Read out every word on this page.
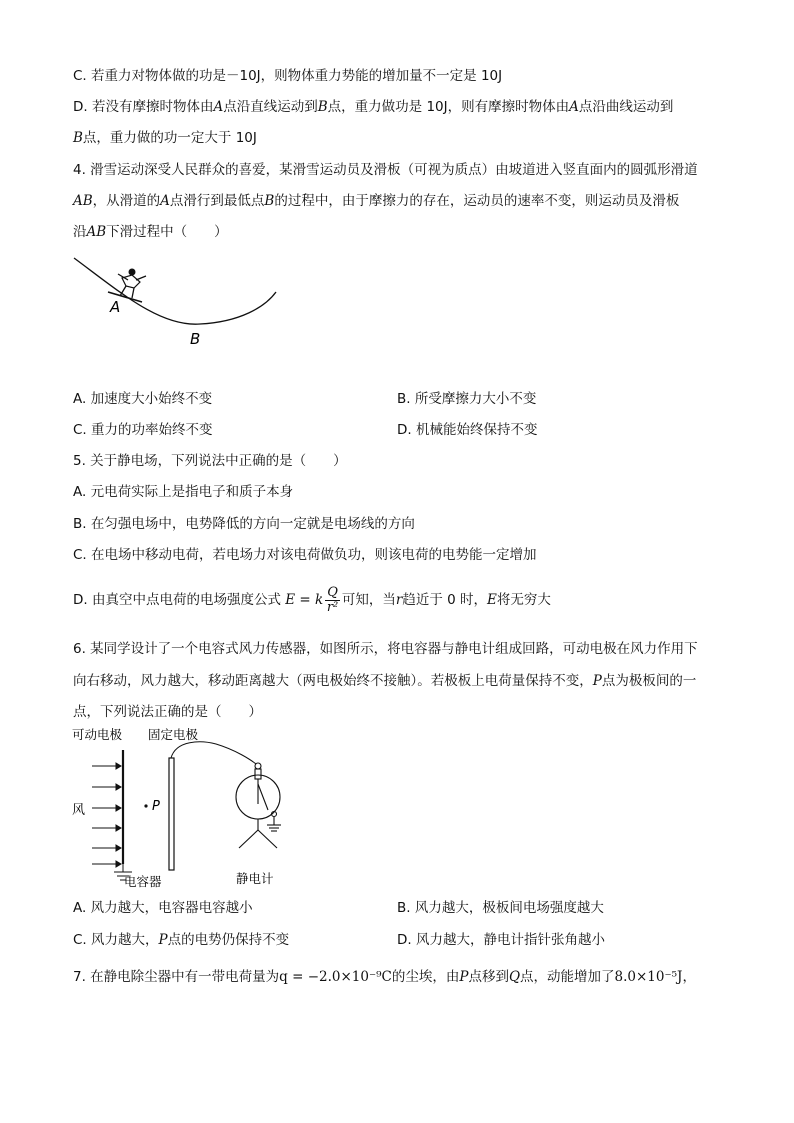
C. 若重力对物体做的功是－10J，则物体重力势能的增加量不一定是 10J
D. 若没有摩擦时物体由A点沿直线运动到B点，重力做功是 10J，则有摩擦时物体由A点沿曲线运动到
B点，重力做的功一定大于 10J
4. 滑雪运动深受人民群众的喜爱，某滑雪运动员及滑板（可视为质点）由坡道进入竖直面内的圆弧形滑道
AB，从滑道的A点滑行到最低点B的过程中，由于摩擦力的存在，运动员的速率不变，则运动员及滑板
沿AB下滑过程中（　　）
A
B
A. 加速度大小始终不变	B. 所受摩擦力大小不变
C. 重力的功率始终不变	D. 机械能始终保持不变
5. 关于静电场，下列说法中正确的是（　　）
A. 元电荷实际上是指电子和质子本身
B. 在匀强电场中，电势降低的方向一定就是电场线的方向
C. 在电场中移动电荷，若电场力对该电荷做负功，则该电荷的电势能一定增加
D. 由真空中点电荷的电场强度公式 E = k $\frac{Q}{\text{r²}}$ 可知，当r趋近于 0 时，E将无穷大
6. 某同学设计了一个电容式风力传感器，如图所示，将电容器与静电计组成回路，可动电极在风力作用下
向右移动，风力越大，移动距离越大（两电极始终不接触）。若极板上电荷量保持不变，P点为极板间的一
点，下列说法正确的是（　　）
可动电极 固定电极
风	P
电容器	静电计
A. 风力越大，电容器电容越小	B. 风力越大，极板间电场强度越大
C. 风力越大，P点的电势仍保持不变	D. 风力越大，静电计指针张角越小
7. 在静电除尘器中有一带电荷量为q = −2.0×10⁻⁹C的尘埃，由P点移到Q点，动能增加了8.0×10⁻⁵J，
